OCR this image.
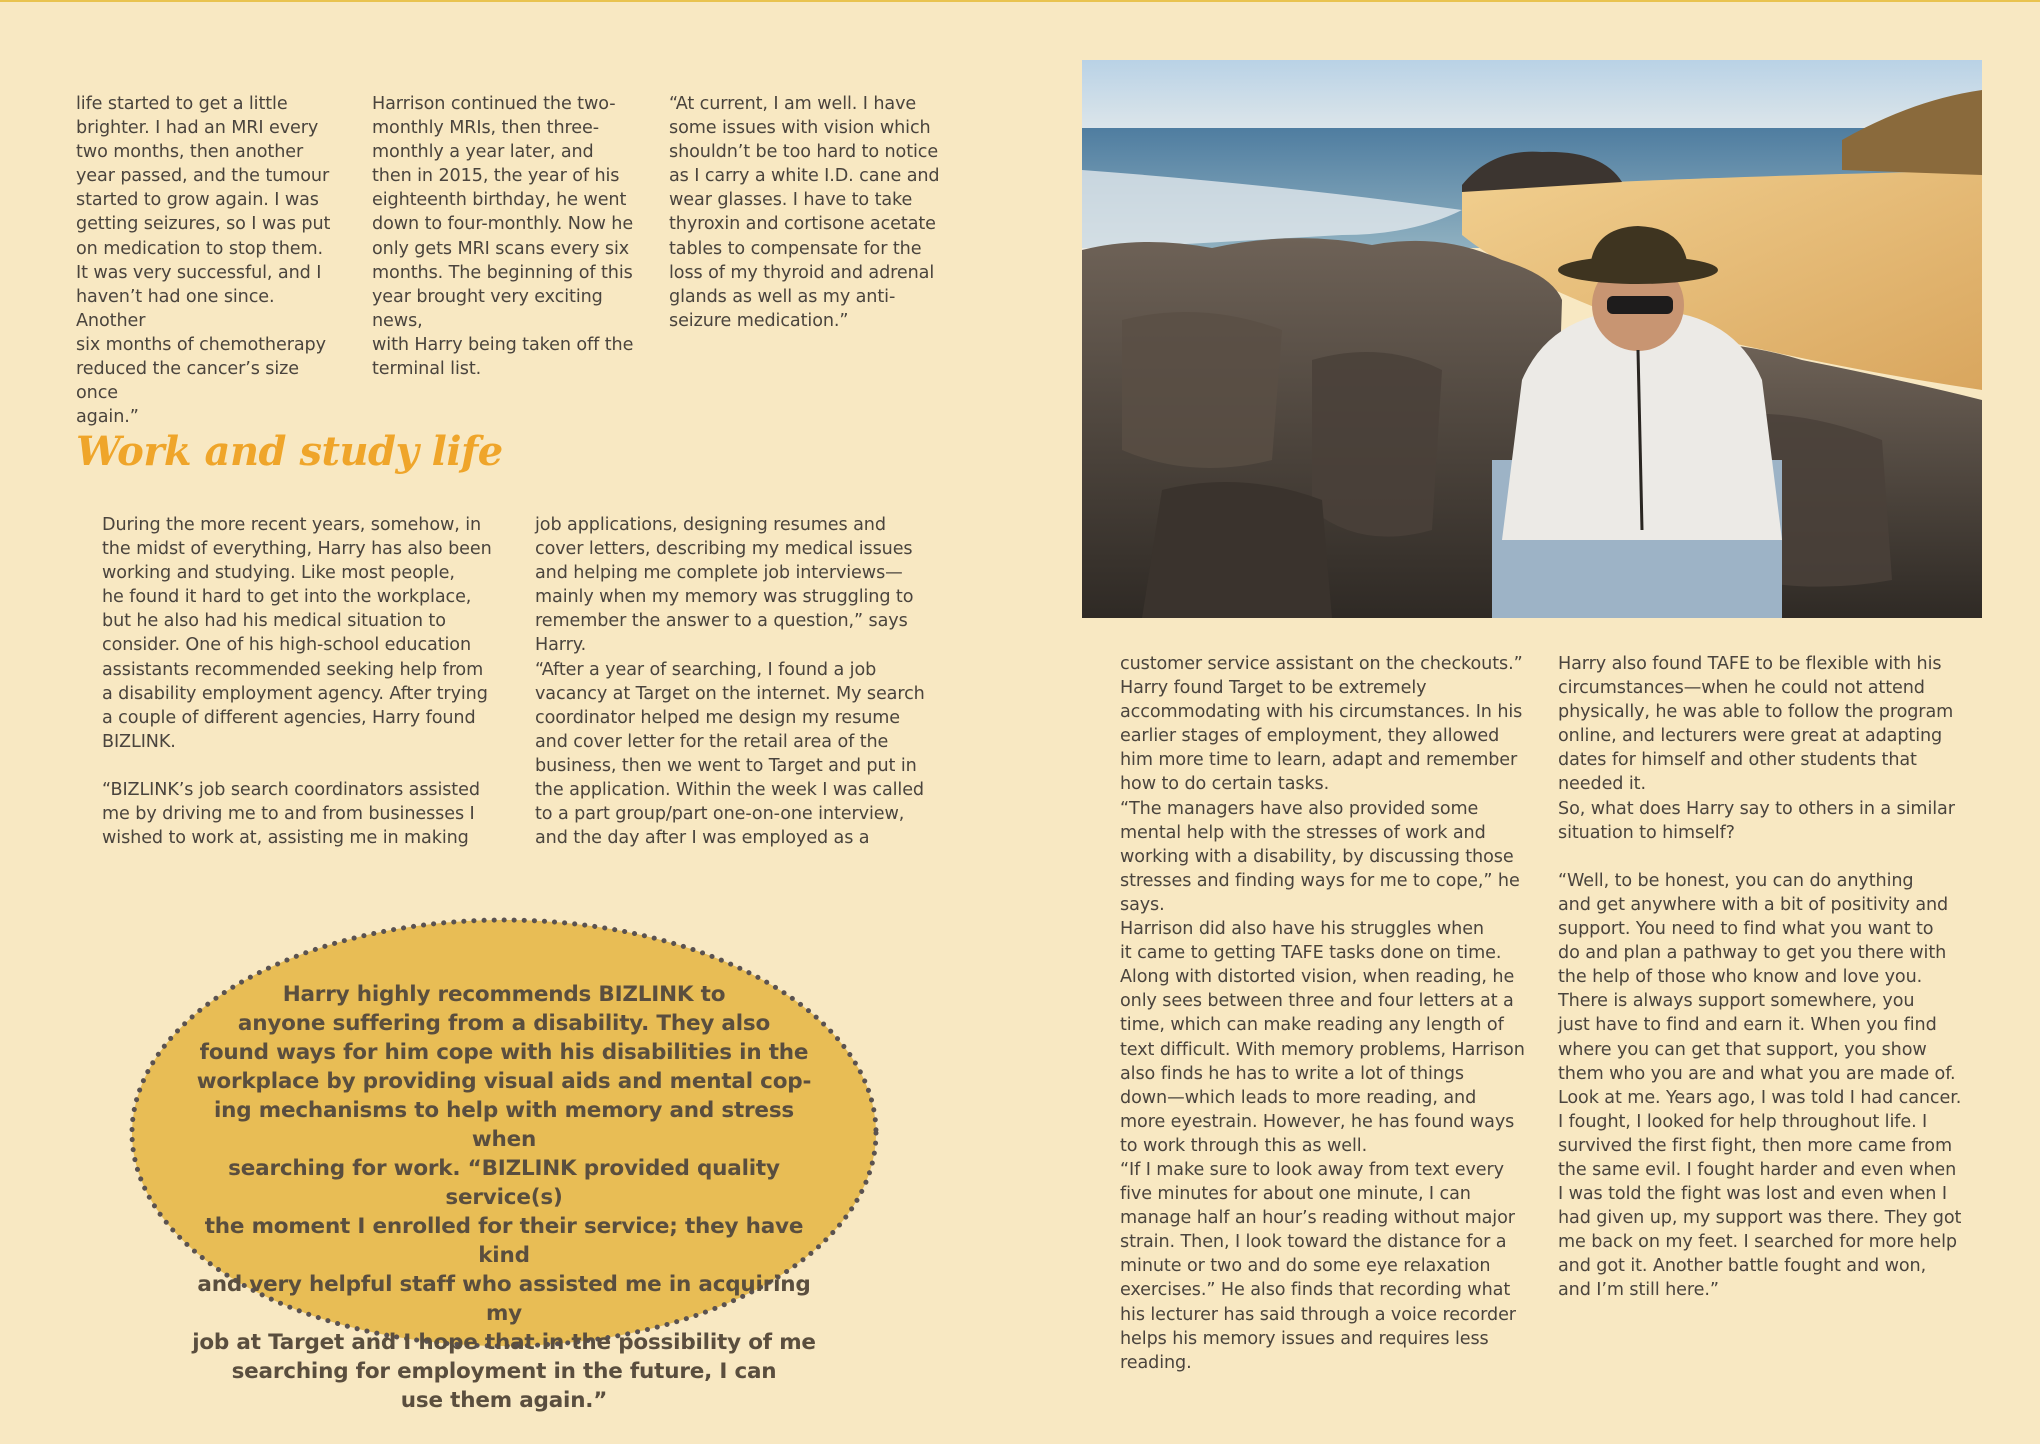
life started to get a little
brighter. I had an MRI every
two months, then another
year passed, and the tumour
started to grow again. I was
getting seizures, so I was put
on medication to stop them.
It was very successful, and I
haven’t had one since. Another
six months of chemotherapy
reduced the cancer’s size once
again.”

Harrison continued the two-
monthly MRIs, then three-
monthly a year later, and
then in 2015, the year of his
eighteenth birthday, he went
down to four-monthly. Now he
only gets MRI scans every six
months. The beginning of this
year brought very exciting news,
with Harry being taken off the
terminal list.

“At current, I am well. I have
some issues with vision which
shouldn’t be too hard to notice
as I carry a white I.D. cane and
wear glasses. I have to take
thyroxin and cortisone acetate
tables to compensate for the
loss of my thyroid and adrenal
glands as well as my anti-
seizure medication.”

Work and study life

During the more recent years, somehow, in
the midst of everything, Harry has also been
working and studying. Like most people,
he found it hard to get into the workplace,
but he also had his medical situation to
consider. One of his high-school education
assistants recommended seeking help from
a disability employment agency. After trying
a couple of different agencies, Harry found
BIZLINK.

“BIZLINK’s job search coordinators assisted
me by driving me to and from businesses I
wished to work at, assisting me in making

job applications, designing resumes and
cover letters, describing my medical issues
and helping me complete job interviews—
mainly when my memory was struggling to
remember the answer to a question,” says
Harry.
“After a year of searching, I found a job
vacancy at Target on the internet. My search
coordinator helped me design my resume
and cover letter for the retail area of the
business, then we went to Target and put in
the application. Within the week I was called
to a part group/part one-on-one interview,
and the day after I was employed as a

Harry highly recommends BIZLINK to
anyone suffering from a disability. They also
found ways for him cope with his disabilities in the
workplace by providing visual aids and mental cop-
ing mechanisms to help with memory and stress when
searching for work. “BIZLINK provided quality service(s)
the moment I enrolled for their service; they have kind
and very helpful staff who assisted me in acquiring my
job at Target and I hope that in the possibility of me
searching for employment in the future, I can
use them again.”

customer service assistant on the checkouts.”
Harry found Target to be extremely
accommodating with his circumstances. In his
earlier stages of employment, they allowed
him more time to learn, adapt and remember
how to do certain tasks.
“The managers have also provided some
mental help with the stresses of work and
working with a disability, by discussing those
stresses and finding ways for me to cope,” he
says.
Harrison did also have his struggles when
it came to getting TAFE tasks done on time.
Along with distorted vision, when reading, he
only sees between three and four letters at a
time, which can make reading any length of
text difficult. With memory problems, Harrison
also finds he has to write a lot of things
down—which leads to more reading, and
more eyestrain. However, he has found ways
to work through this as well.
“If I make sure to look away from text every
five minutes for about one minute, I can
manage half an hour’s reading without major
strain. Then, I look toward the distance for a
minute or two and do some eye relaxation
exercises.” He also finds that recording what
his lecturer has said through a voice recorder
helps his memory issues and requires less
reading.

Harry also found TAFE to be flexible with his
circumstances—when he could not attend
physically, he was able to follow the program
online, and lecturers were great at adapting
dates for himself and other students that
needed it.
So, what does Harry say to others in a similar
situation to himself?

“Well, to be honest, you can do anything
and get anywhere with a bit of positivity and
support. You need to find what you want to
do and plan a pathway to get you there with
the help of those who know and love you.
There is always support somewhere, you
just have to find and earn it. When you find
where you can get that support, you show
them who you are and what you are made of.
Look at me. Years ago, I was told I had cancer.
I fought, I looked for help throughout life. I
survived the first fight, then more came from
the same evil. I fought harder and even when
I was told the fight was lost and even when I
had given up, my support was there. They got
me back on my feet. I searched for more help
and got it. Another battle fought and won,
and I’m still here.”
